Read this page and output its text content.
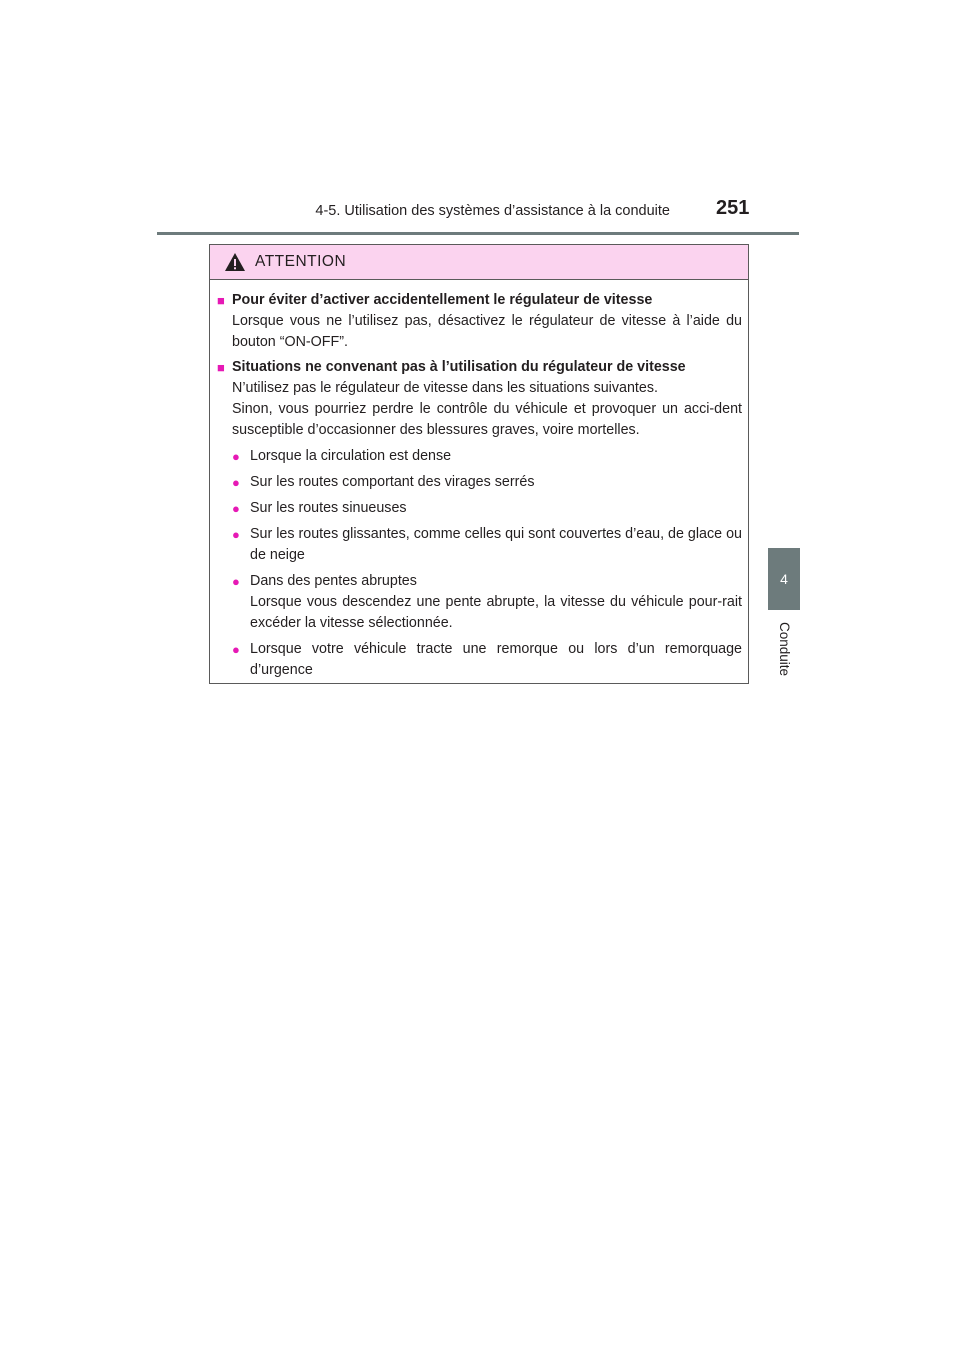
4-5. Utilisation des systèmes d’assistance à la conduite 251
4
Conduite
ATTENTION
■ Pour éviter d’activer accidentellement le régulateur de vitesse
Lorsque vous ne l’utilisez pas, désactivez le régulateur de vitesse à l’aide du bouton “ON-OFF”.
■ Situations ne convenant pas à l’utilisation du régulateur de vitesse
N’utilisez pas le régulateur de vitesse dans les situations suivantes.
Sinon, vous pourriez perdre le contrôle du véhicule et provoquer un acci-dent susceptible d’occasionner des blessures graves, voire mortelles.
● Lorsque la circulation est dense
● Sur les routes comportant des virages serrés
● Sur les routes sinueuses
● Sur les routes glissantes, comme celles qui sont couvertes d’eau, de glace ou de neige
● Dans des pentes abruptes
Lorsque vous descendez une pente abrupte, la vitesse du véhicule pour-rait excéder la vitesse sélectionnée.
● Lorsque votre véhicule tracte une remorque ou lors d’un remorquage d’urgence
